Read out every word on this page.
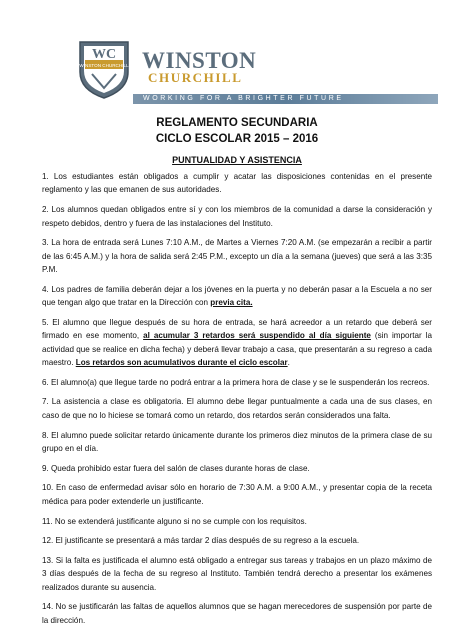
WC
WINSTON CHURCHILL WINSTON
CHURCHILL
WORKING FOR A BRIGHTER FUTURE
REGLAMENTO SECUNDARIA
CICLO ESCOLAR 2015 – 2016
PUNTUALIDAD Y ASISTENCIA

1. Los estudiantes están obligados a cumplir y acatar las disposiciones contenidas en el presente reglamento y las que emanen de sus autoridades.

2. Los alumnos quedan obligados entre sí y con los miembros de la comunidad a darse la consideración y respeto debidos, dentro y fuera de las instalaciones del Instituto.

3. La hora de entrada será Lunes 7:10 A.M., de Martes a Viernes 7:20 A.M. (se empezarán a recibir a partir de las 6:45 A.M.) y la hora de salida será 2:45 P.M., excepto un día a la semana (jueves) que será a las 3:35 P.M.

4. Los padres de familia deberán dejar a los jóvenes en la puerta y no deberán pasar a la Escuela a no ser que tengan algo que tratar en la Dirección con previa cita.

5. El alumno que llegue después de su hora de entrada, se hará acreedor a un retardo que deberá ser firmado en ese momento, al acumular 3 retardos será suspendido al día siguiente (sin importar la actividad que se realice en dicha fecha) y deberá llevar trabajo a casa, que presentarán a su regreso a cada maestro. Los retardos son acumulativos durante el ciclo escolar.

6. El alumno(a) que llegue tarde no podrá entrar a la primera hora de clase y se le suspenderán los recreos.

7. La asistencia a clase es obligatoria. El alumno debe llegar puntualmente a cada una de sus clases, en caso de que no lo hiciese se tomará como un retardo, dos retardos serán considerados una falta.

8. El alumno puede solicitar retardo únicamente durante los primeros diez minutos de la primera clase de su grupo en el día.

9. Queda prohibido estar fuera del salón de clases durante horas de clase.

10. En caso de enfermedad avisar sólo en horario de 7:30 A.M. a 9:00 A.M., y presentar copia de la receta médica para poder extenderle un justificante.

11. No se extenderá justificante alguno si no se cumple con los requisitos.

12. El justificante se presentará a más tardar 2 días después de su regreso a la escuela.

13. Si la falta es justificada el alumno está obligado a entregar sus tareas y trabajos en un plazo máximo de 3 días después de la fecha de su regreso al Instituto. También tendrá derecho a presentar los exámenes realizados durante su ausencia.

14. No se justificarán las faltas de aquellos alumnos que se hagan merecedores de suspensión por parte de la dirección.
